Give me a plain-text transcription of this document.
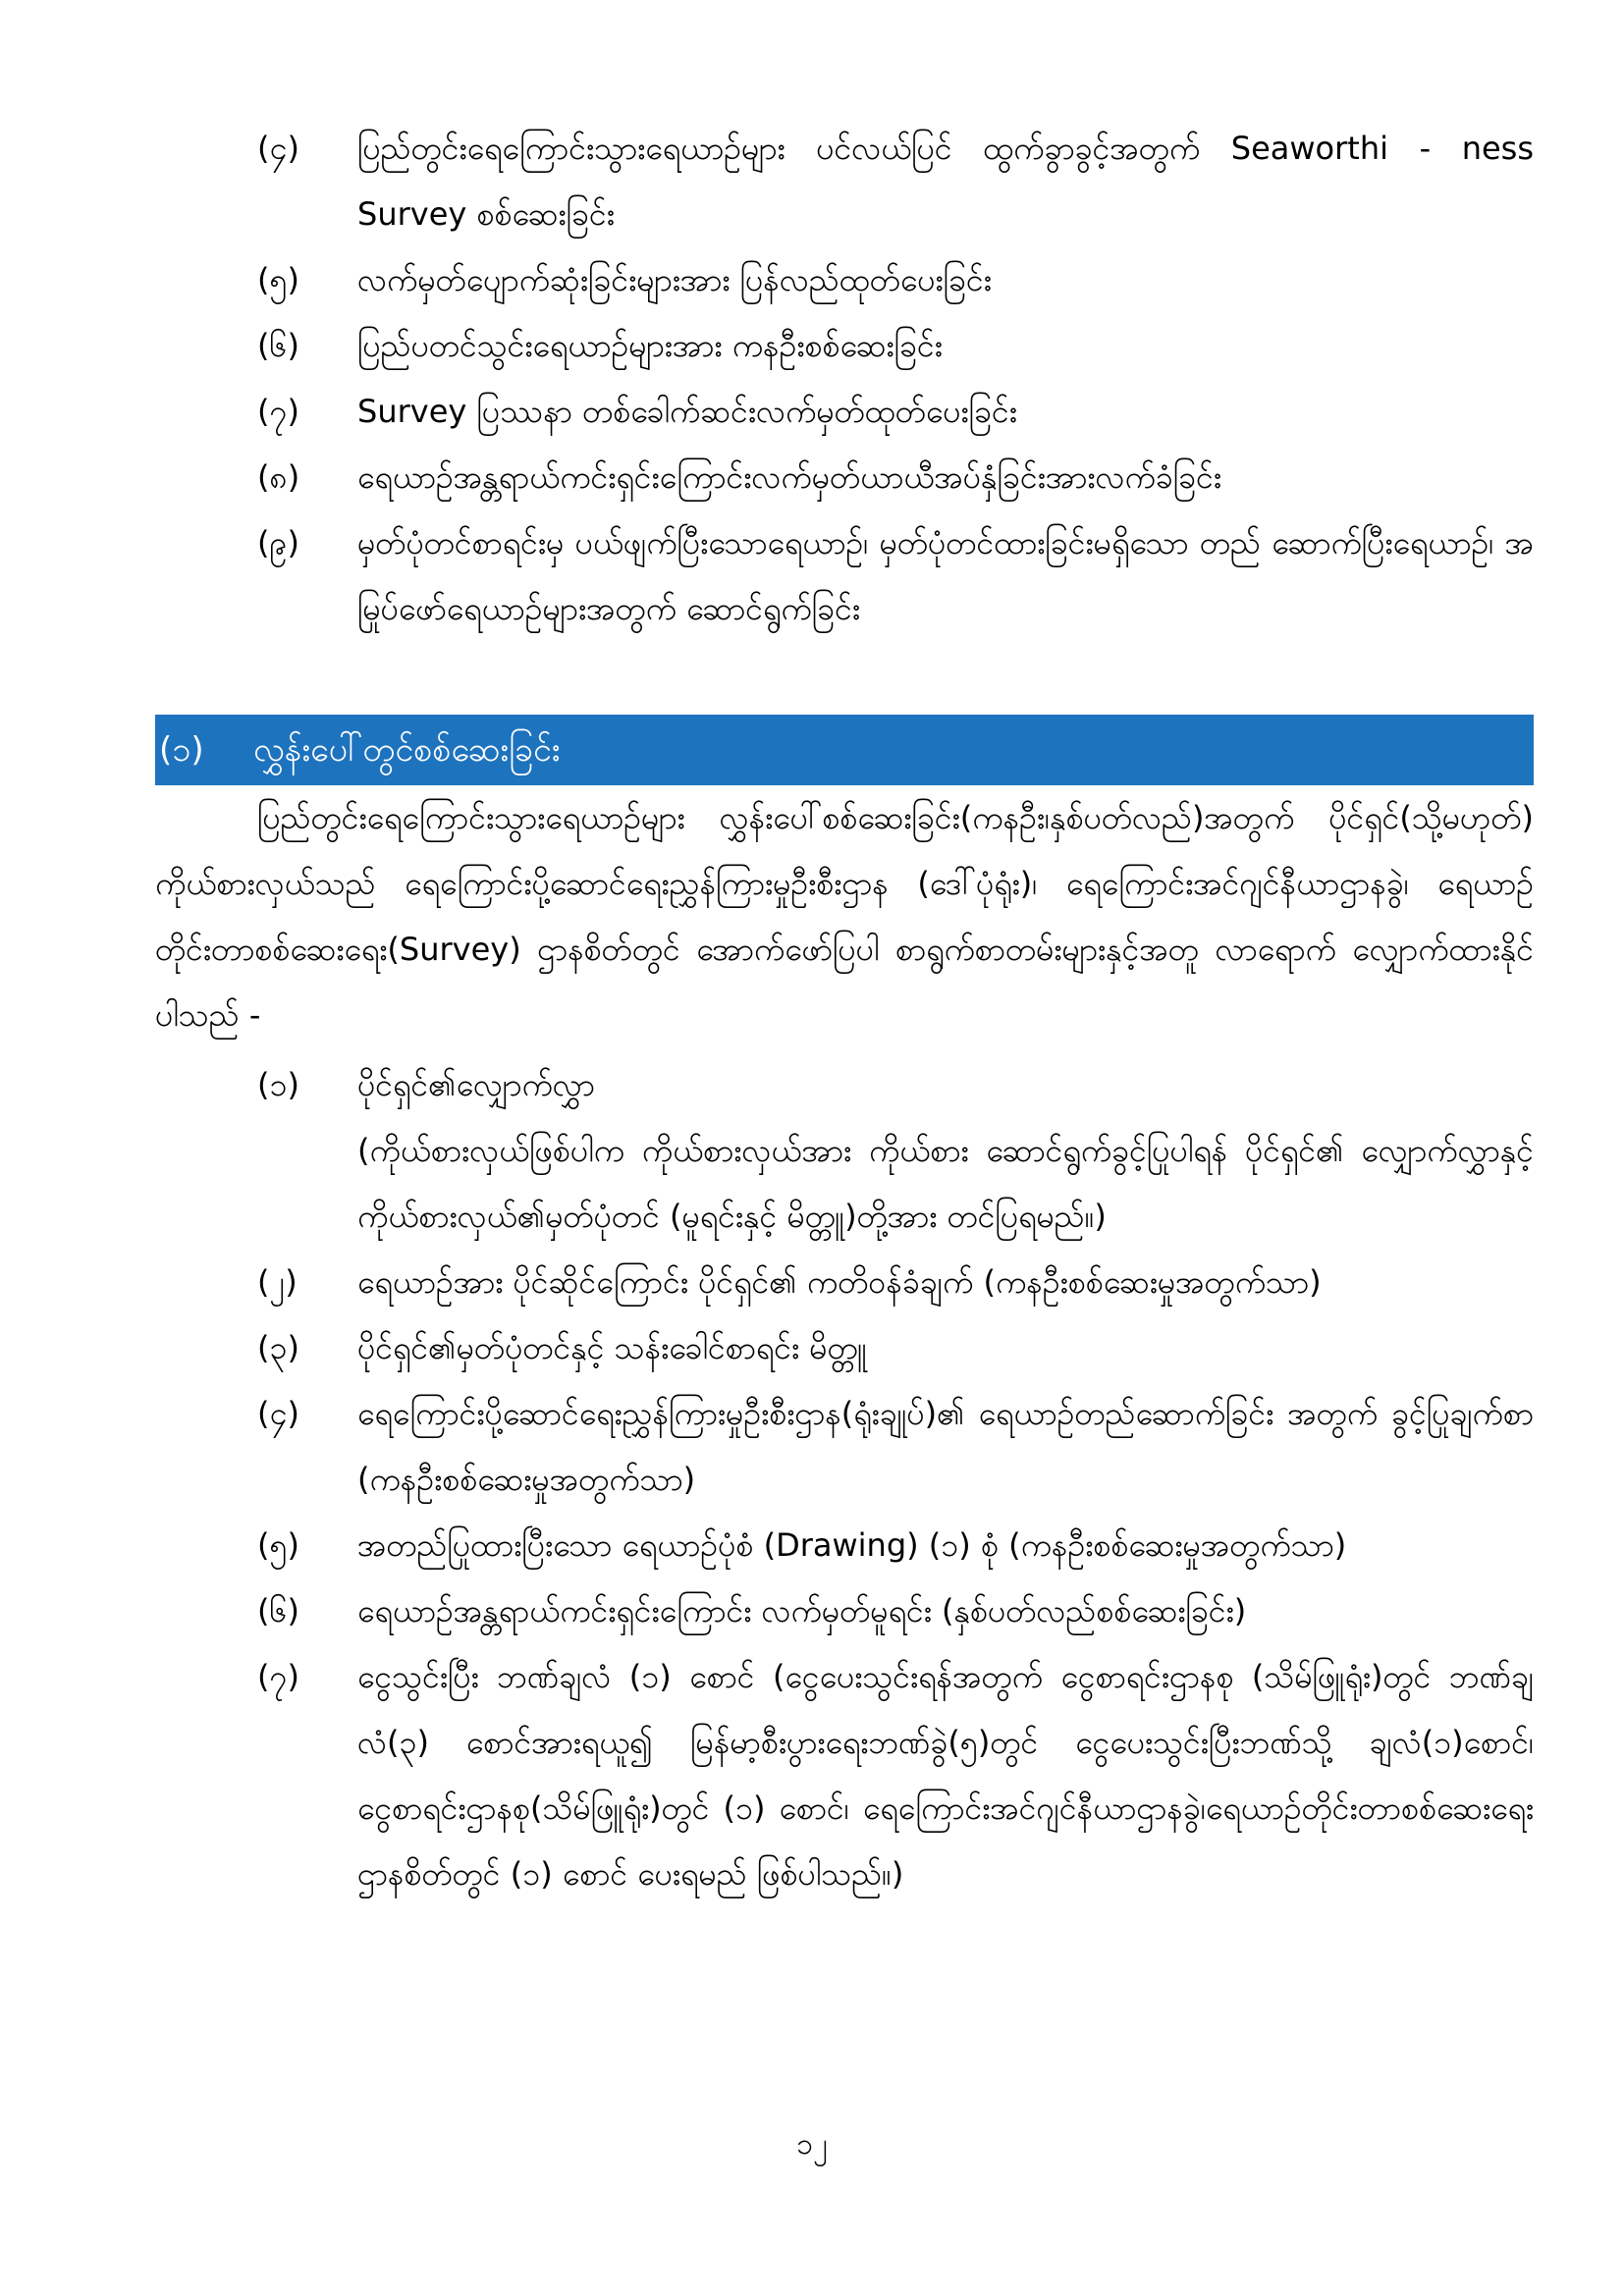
(၄)	ပြည်တွင်းရေကြောင်းသွားရေယာဉ်များ ပင်လယ်ပြင် ထွက်ခွာခွင့်အတွက် Seaworthi - ness Survey စစ်ဆေးခြင်း
(၅)	လက်မှတ်ပျောက်ဆုံးခြင်းများအား ပြန်လည်ထုတ်ပေးခြင်း
(၆)	ပြည်ပတင်သွင်းရေယာဉ်များအား ကနဦးစစ်ဆေးခြင်း
(၇)	Survey ပြဿနာ တစ်ခေါက်ဆင်းလက်မှတ်ထုတ်ပေးခြင်း
(၈)	ရေယာဉ်အန္တရာယ်ကင်းရှင်းကြောင်းလက်မှတ်ယာယီအပ်နှံခြင်းအားလက်ခံခြင်း
(၉)	မှတ်ပုံတင်စာရင်းမှ ပယ်ဖျက်ပြီးသောရေယာဉ်၊ မှတ်ပုံတင်ထားခြင်းမရှိသော တည် ဆောက်ပြီးရေယာဉ်၊ အမြုပ်ဖော်ရေယာဉ်များအတွက် ဆောင်ရွက်ခြင်း
(၁) လွှန်းပေါ်တွင်စစ်ဆေးခြင်း
ပြည်တွင်းရေကြောင်းသွားရေယာဉ်များ လွှန်းပေါ်စစ်ဆေးခြင်း(ကနဦး၊နှစ်ပတ်လည်)အတွက် ပိုင်ရှင်(သို့မဟုတ်) ကိုယ်စားလှယ်သည် ရေကြောင်းပို့ဆောင်ရေးညွှန်ကြားမှုဦးစီးဌာန (ဒေါ်ပုံရုံး)၊ ရေကြောင်းအင်ဂျင်နီယာဌာနခွဲ၊ ရေယာဉ်တိုင်းတာစစ်ဆေးရေး(Survey) ဌာနစိတ်တွင် အောက်ဖော်ပြပါ စာရွက်စာတမ်းများနှင့်အတူ လာရောက် လျှောက်ထားနိုင်ပါသည် -
(၁)	ပိုင်ရှင်၏လျှောက်လွှာ
(ကိုယ်စားလှယ်ဖြစ်ပါက ကိုယ်စားလှယ်အား ကိုယ်စား ဆောင်ရွက်ခွင့်ပြုပါရန် ပိုင်ရှင်၏ လျှောက်လွှာနှင့် ကိုယ်စားလှယ်၏မှတ်ပုံတင် (မူရင်းနှင့် မိတ္တူ)တို့အား တင်ပြရမည်။)
(၂)	ရေယာဉ်အား ပိုင်ဆိုင်ကြောင်း ပိုင်ရှင်၏ ကတိဝန်ခံချက် (ကနဦးစစ်ဆေးမှုအတွက်သာ)
(၃)	ပိုင်ရှင်၏မှတ်ပုံတင်နှင့် သန်းခေါင်စာရင်း မိတ္တူ
(၄)	ရေကြောင်းပို့ဆောင်ရေးညွှန်ကြားမှုဦးစီးဌာန(ရုံးချုပ်)၏ ရေယာဉ်တည်ဆောက်ခြင်း အတွက် ခွင့်ပြုချက်စာ (ကနဦးစစ်ဆေးမှုအတွက်သာ)
(၅)	အတည်ပြုထားပြီးသော ရေယာဉ်ပုံစံ (Drawing) (၁) စုံ (ကနဦးစစ်ဆေးမှုအတွက်သာ)
(၆)	ရေယာဉ်အန္တရာယ်ကင်းရှင်းကြောင်း လက်မှတ်မူရင်း (နှစ်ပတ်လည်စစ်ဆေးခြင်း)
(၇)	ငွေသွင်းပြီး ဘဏ်ချလံ (၁) စောင် (ငွေပေးသွင်းရန်အတွက် ငွေစာရင်းဌာနစု (သိမ်ဖြူရုံး)တွင် ဘဏ်ချလံ(၃) စောင်အားရယူ၍ မြန်မာ့စီးပွားရေးဘဏ်ခွဲ(၅)တွင် ငွေပေးသွင်းပြီးဘဏ်သို့ ချလံ(၁)စောင်၊ ငွေစာရင်းဌာနစု(သိမ်ဖြူရုံး)တွင် (၁) စောင်၊ ရေကြောင်းအင်ဂျင်နီယာဌာနခွဲ၊ရေယာဉ်တိုင်းတာစစ်ဆေးရေးဌာနစိတ်တွင် (၁) စောင် ပေးရမည် ဖြစ်ပါသည်။)
၁၂
